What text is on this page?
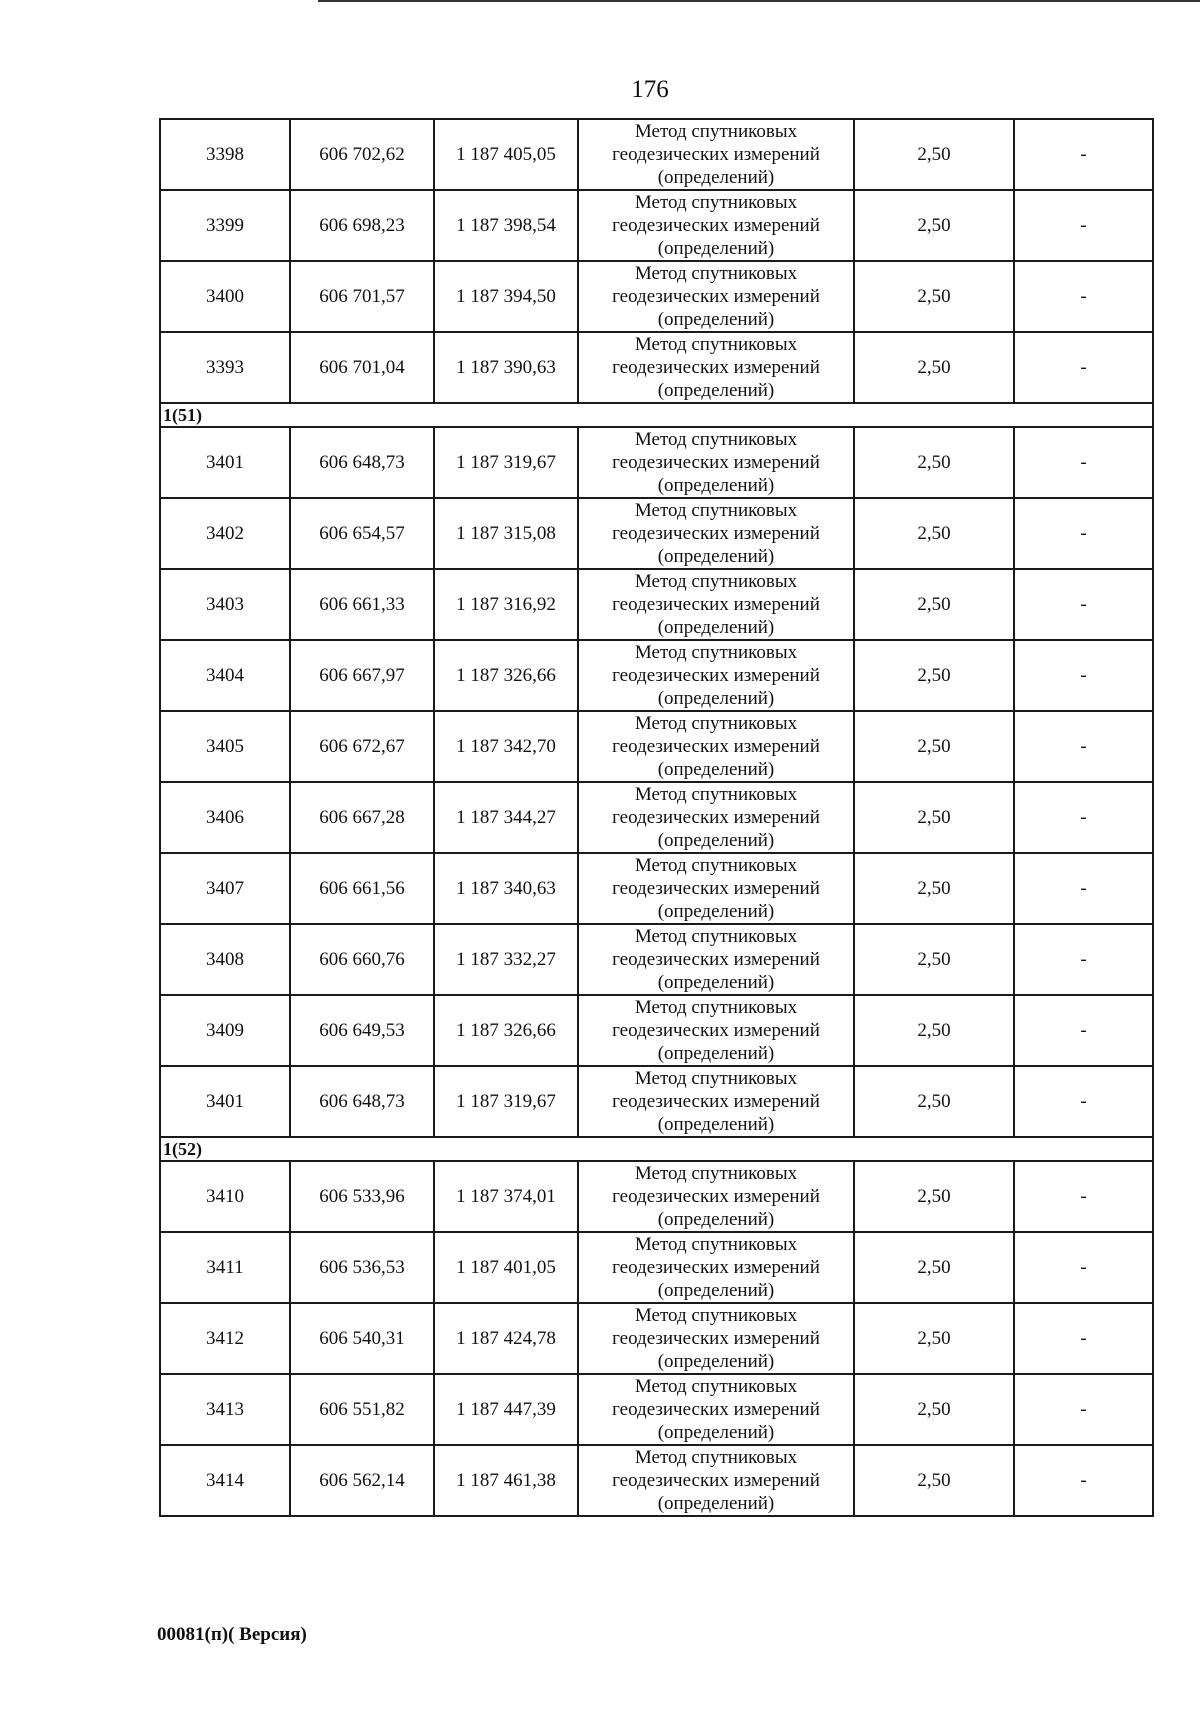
176
3398	606 702,62	1 187 405,05	Метод спутниковых геодезических измерений (определений)	2,50	-
3399	606 698,23	1 187 398,54	Метод спутниковых геодезических измерений (определений)	2,50	-
3400	606 701,57	1 187 394,50	Метод спутниковых геодезических измерений (определений)	2,50	-
3393	606 701,04	1 187 390,63	Метод спутниковых геодезических измерений (определений)	2,50	-
1(51)					
3401	606 648,73	1 187 319,67	Метод спутниковых геодезических измерений (определений)	2,50	-
3402	606 654,57	1 187 315,08	Метод спутниковых геодезических измерений (определений)	2,50	-
3403	606 661,33	1 187 316,92	Метод спутниковых геодезических измерений (определений)	2,50	-
3404	606 667,97	1 187 326,66	Метод спутниковых геодезических измерений (определений)	2,50	-
3405	606 672,67	1 187 342,70	Метод спутниковых геодезических измерений (определений)	2,50	-
3406	606 667,28	1 187 344,27	Метод спутниковых геодезических измерений (определений)	2,50	-
3407	606 661,56	1 187 340,63	Метод спутниковых геодезических измерений (определений)	2,50	-
3408	606 660,76	1 187 332,27	Метод спутниковых геодезических измерений (определений)	2,50	-
3409	606 649,53	1 187 326,66	Метод спутниковых геодезических измерений (определений)	2,50	-
3401	606 648,73	1 187 319,67	Метод спутниковых геодезических измерений (определений)	2,50	-
1(52)					
3410	606 533,96	1 187 374,01	Метод спутниковых геодезических измерений (определений)	2,50	-
3411	606 536,53	1 187 401,05	Метод спутниковых геодезических измерений (определений)	2,50	-
3412	606 540,31	1 187 424,78	Метод спутниковых геодезических измерений (определений)	2,50	-
3413	606 551,82	1 187 447,39	Метод спутниковых геодезических измерений (определений)	2,50	-
3414	606 562,14	1 187 461,38	Метод спутниковых геодезических измерений (определений)	2,50	-
00081(п)( Версия)
